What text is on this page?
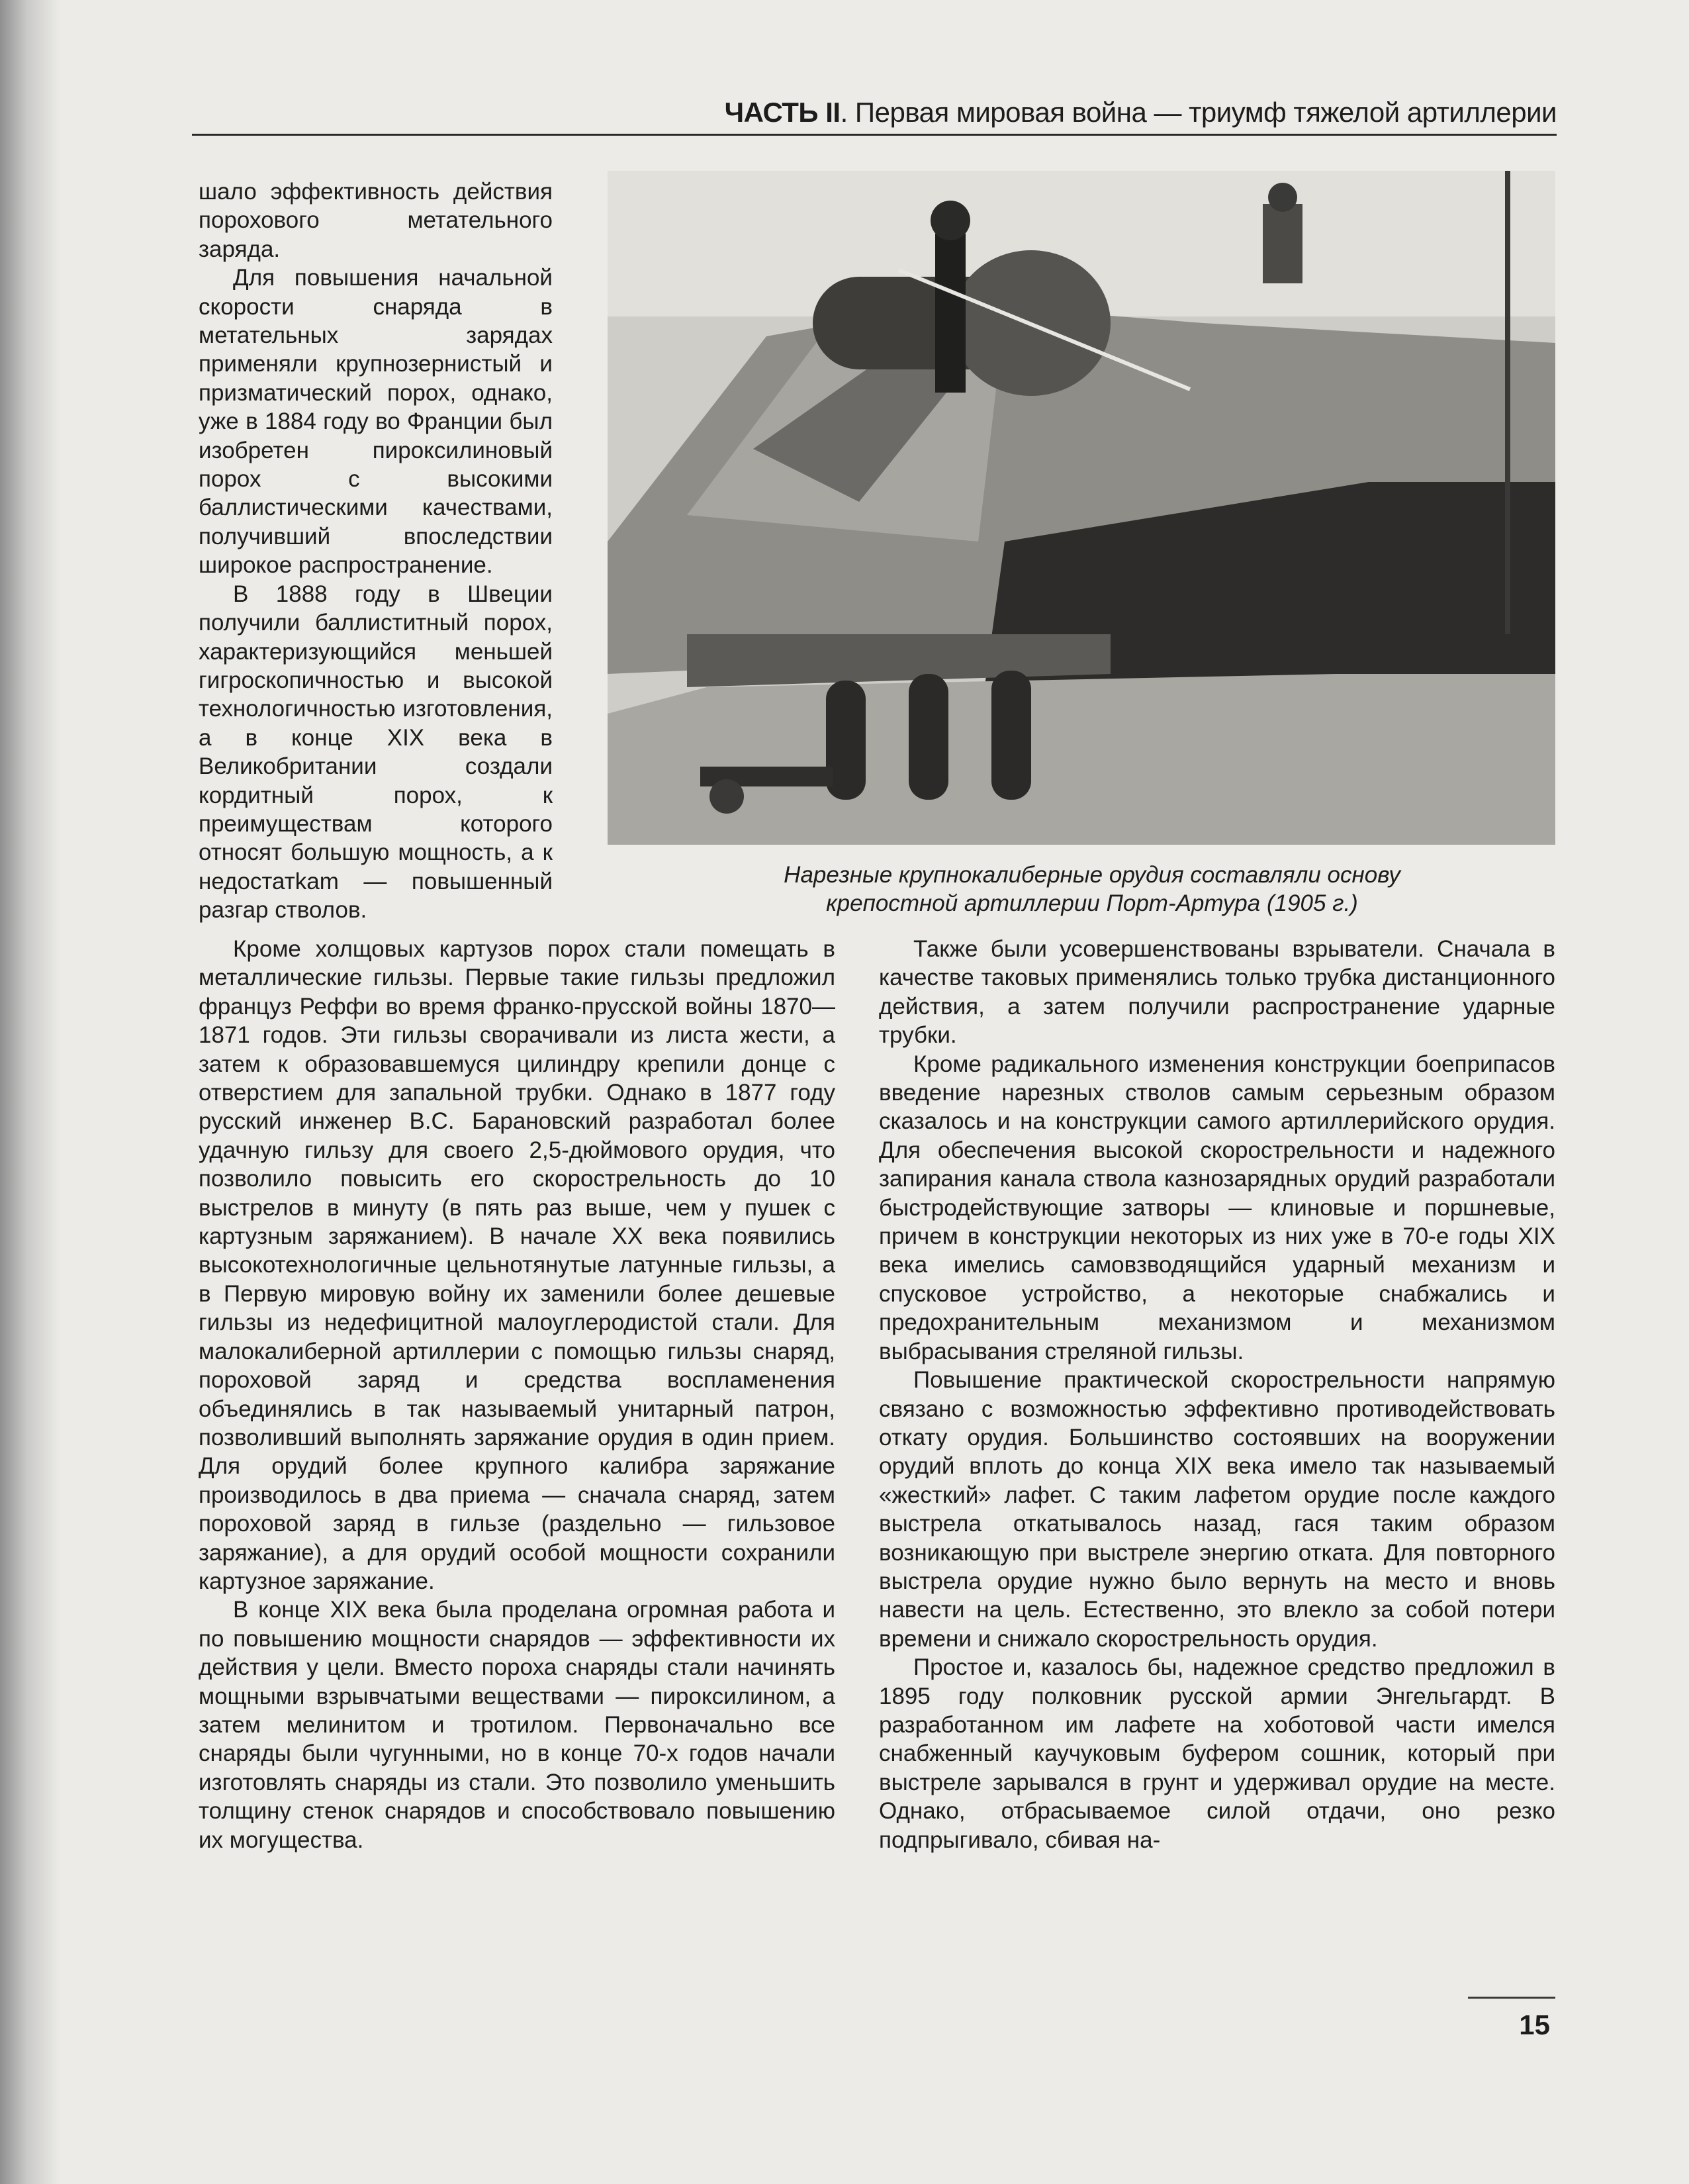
ЧАСТЬ II. Первая мировая война — триумф тяжелой артиллерии

шало эффективность действия порохового метательного заряда.

Для повышения начальной скорости снаряда в метательных зарядах применяли крупнозернистый и призматический порох, однако, уже в 1884 году во Франции был изобретен пироксилиновый порох с высокими баллистическими качествами, получивший впоследствии широкое распространение.

В 1888 году в Швеции получили баллиститный порох, характеризующийся меньшей гигроскопичностью и высокой технологичностью изготовления, а в конце XIX века в Великобритании создали кордитный порох, к преимуществам которого относят большую мощность, а к недостатkam — повышенный разгар стволов.

Нарезные крупнокалиберные орудия составляли основу
крепостной артиллерии Порт-Артура (1905 г.)

Кроме холщовых картузов порох стали помещать в металлические гильзы. Первые такие гильзы предложил француз Реффи во время франко-прусской войны 1870—1871 годов. Эти гильзы сворачивали из листа жести, а затем к образовавшемуся цилиндру крепили донце с отверстием для запальной трубки. Однако в 1877 году русский инженер В.С. Барановский разработал более удачную гильзу для своего 2,5-дюймового орудия, что позволило повысить его скорострельность до 10 выстрелов в минуту (в пять раз выше, чем у пушек с картузным заряжанием). В начале XX века появились высокотехнологичные цельнотянутые латунные гильзы, а в Первую мировую войну их заменили более дешевые гильзы из недефицитной малоуглеродистой стали. Для малокалиберной артиллерии с помощью гильзы снаряд, пороховой заряд и средства воспламенения объединялись в так называемый унитарный патрон, позволивший выполнять заряжание орудия в один прием. Для орудий более крупного калибра заряжание производилось в два приема — сначала снаряд, затем пороховой заряд в гильзе (раздельно — гильзовое заряжание), а для орудий особой мощности сохранили картузное заряжание.

В конце XIX века была проделана огромная работа и по повышению мощности снарядов — эффективности их действия у цели. Вместо пороха снаряды стали начинять мощными взрывчатыми веществами — пироксилином, а затем мелинитом и тротилом. Первоначально все снаряды были чугунными, но в конце 70-х годов начали изготовлять снаряды из стали. Это позволило уменьшить толщину стенок снарядов и способствовало повышению их могущества.

Также были усовершенствованы взрыватели. Сначала в качестве таковых применялись только трубка дистанционного действия, а затем получили распространение ударные трубки.

Кроме радикального изменения конструкции боеприпасов введение нарезных стволов самым серьезным образом сказалось и на конструкции самого артиллерийского орудия. Для обеспечения высокой скорострельности и надежного запирания канала ствола казнозарядных орудий разработали быстродействующие затворы — клиновые и поршневые, причем в конструкции некоторых из них уже в 70-е годы XIX века имелись самовзводящийся ударный механизм и спусковое устройство, а некоторые снабжались и предохранительным механизмом и механизмом выбрасывания стреляной гильзы.

Повышение практической скорострельности напрямую связано с возможностью эффективно противодействовать откату орудия. Большинство состоявших на вооружении орудий вплоть до конца XIX века имело так называемый «жесткий» лафет. С таким лафетом орудие после каждого выстрела откатывалось назад, гася таким образом возникающую при выстреле энергию отката. Для повторного выстрела орудие нужно было вернуть на место и вновь навести на цель. Естественно, это влекло за собой потери времени и снижало скорострельность орудия.

Простое и, казалось бы, надежное средство предложил в 1895 году полковник русской армии Энгельгардт. В разработанном им лафете на хоботовой части имелся снабженный каучуковым буфером сошник, который при выстреле зарывался в грунт и удерживал орудие на месте. Однако, отбрасываемое силой отдачи, оно резко подпрыгивало, сбивая на-

15
